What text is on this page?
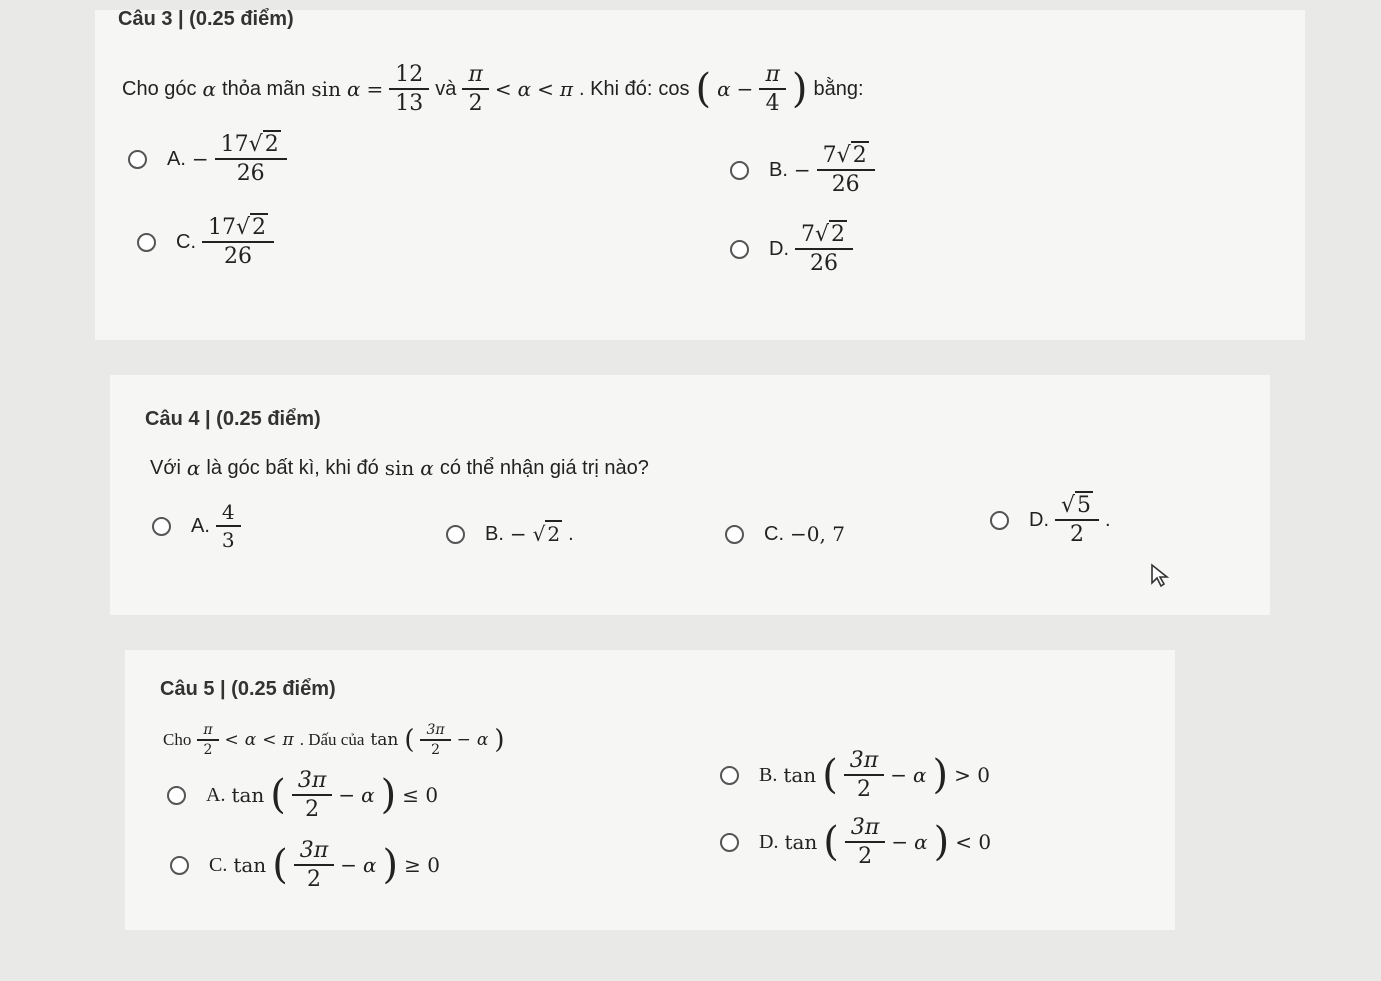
Câu 3 | (0.25 điểm)
Cho góc α thỏa mãn $\sin \alpha = \frac{12}{13}$ và $\frac{\pi}{2} < \alpha < \pi$ . Khi đó: cos ( $\alpha - \frac{\pi}{4}$ ) bằng:
A. − $\frac{17√2}{26}$	B. − $\frac{7√2}{26}$
C. $\frac{17√2}{26}$	D. $\frac{7√2}{26}$
Câu 4 | (0.25 điểm)
Với α là góc bất kì, khi đó sin α có thể nhận giá trị nào?
A. $\frac{4}{3}$	B. − √ 2 .	C. −0, 7
D. $\frac{√5}{2}$ .
Câu 5 | (0.25 điểm)
Cho $\frac{\pi}{2} < \alpha < \pi$ . Dấu của tan ( $\frac{3\pi}{2} - \alpha$ )
A. tan ( $\frac{3\pi}{2} - \alpha$ ) ≤ 0
B. tan ( $\frac{3\pi}{2} - \alpha$ ) > 0
C. tan ( $\frac{3\pi}{2} - \alpha$ ) ≥ 0
D. tan ( $\frac{3\pi}{2} - \alpha$ ) < 0
